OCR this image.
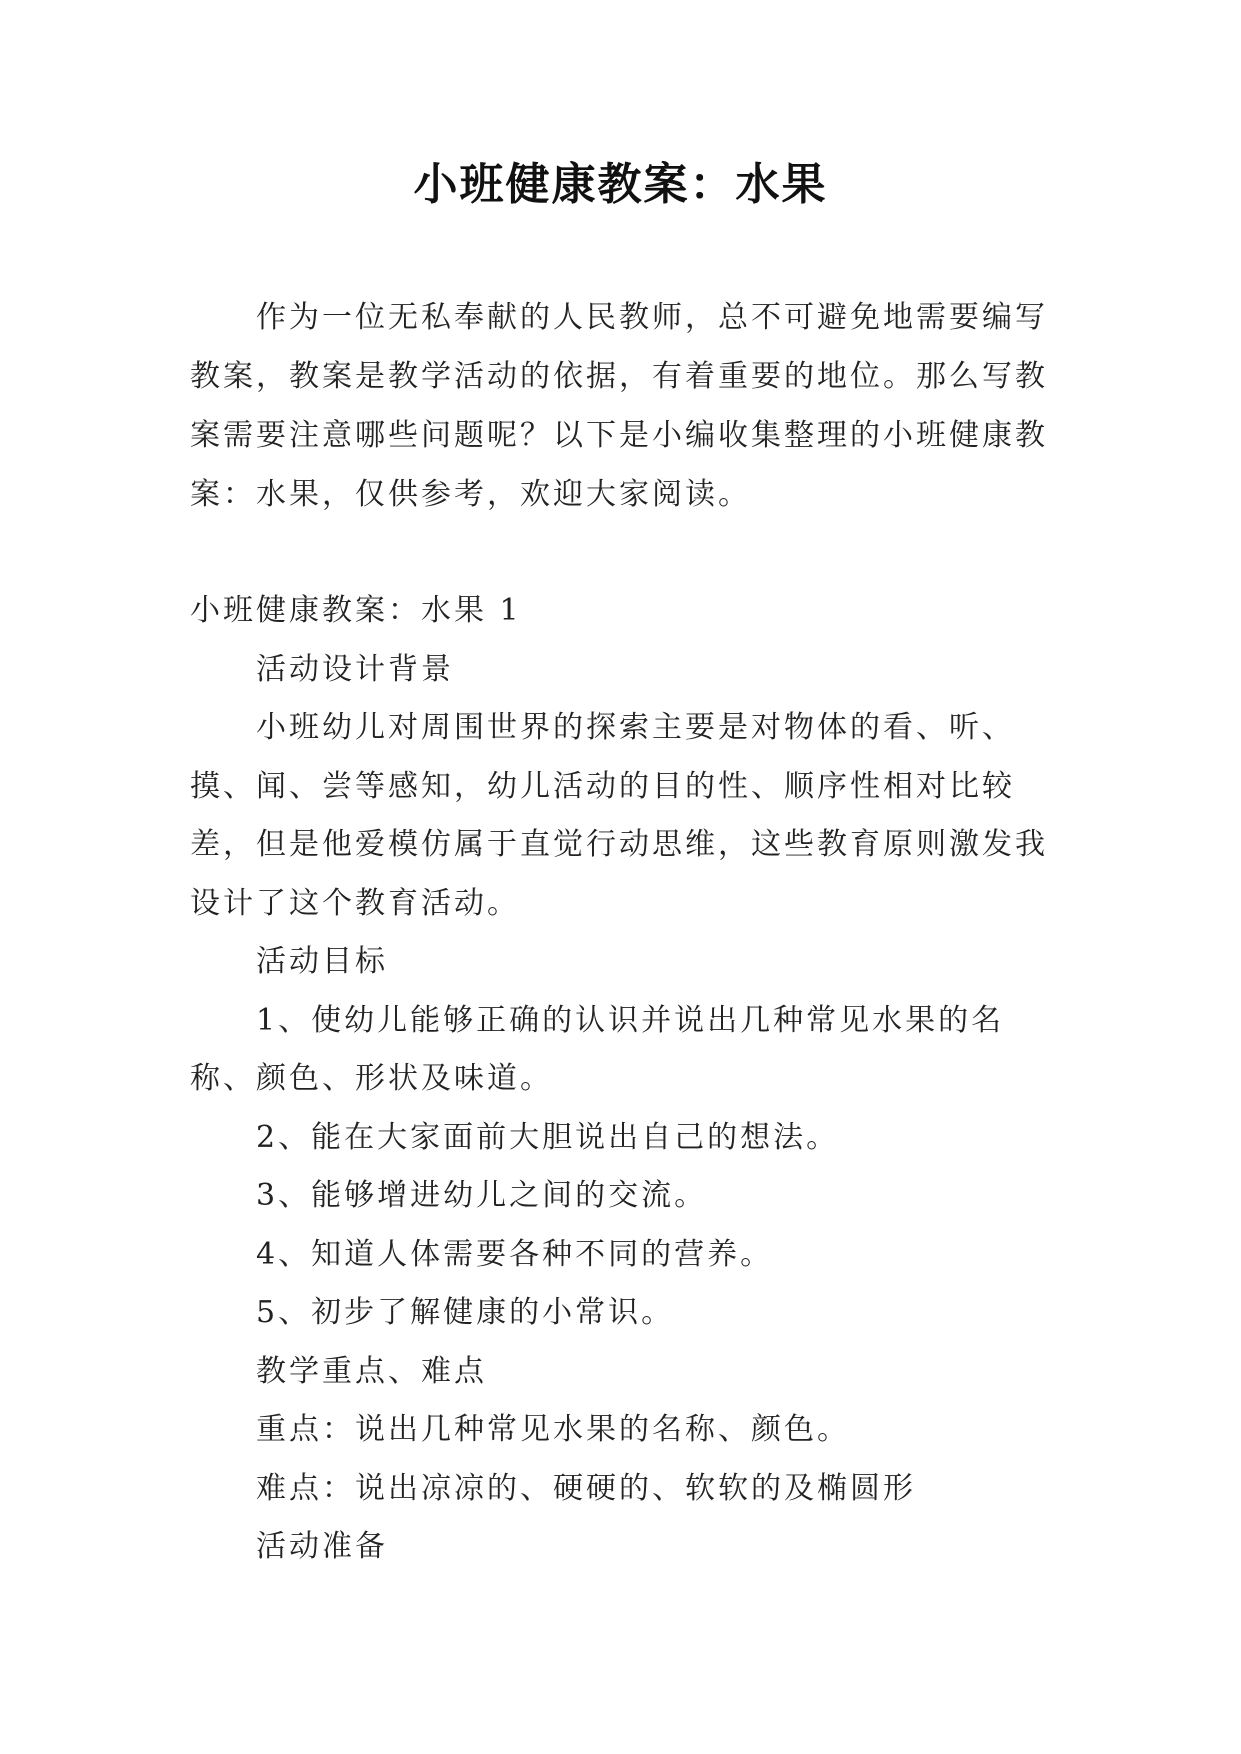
小班健康教案：水果

作为一位无私奉献的人民教师，总不可避免地需要编写教案，教案是教学活动的依据，有着重要的地位。那么写教案需要注意哪些问题呢？以下是小编收集整理的小班健康教案：水果，仅供参考，欢迎大家阅读。

小班健康教案：水果 1
活动设计背景
小班幼儿对周围世界的探索主要是对物体的看、听、摸、闻、尝等感知，幼儿活动的目的性、顺序性相对比较差，但是他爱模仿属于直觉行动思维，这些教育原则激发我设计了这个教育活动。
活动目标
1、使幼儿能够正确的认识并说出几种常见水果的名称、颜色、形状及味道。
2、能在大家面前大胆说出自己的想法。
3、能够增进幼儿之间的交流。
4、知道人体需要各种不同的营养。
5、初步了解健康的小常识。
教学重点、难点
重点：说出几种常见水果的名称、颜色。
难点：说出凉凉的、硬硬的、软软的及椭圆形
活动准备
